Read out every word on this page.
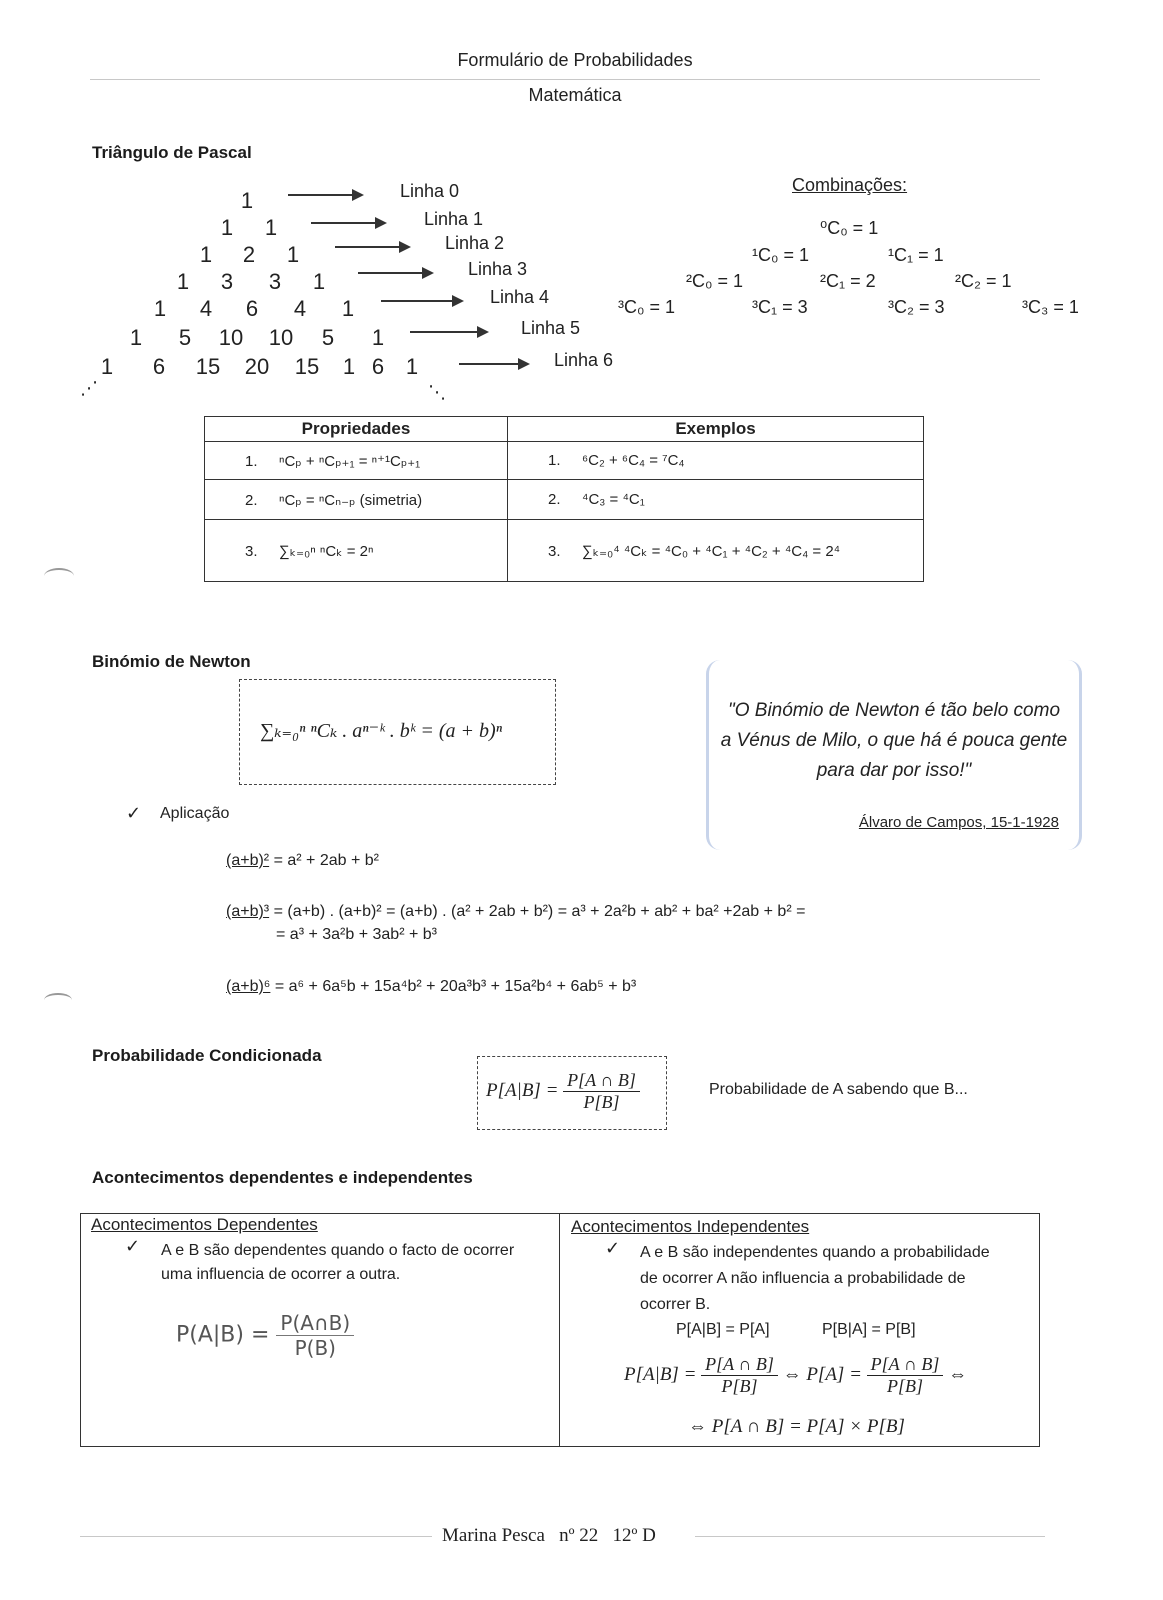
Formulário de Probabilidades
Matemática
Triângulo de Pascal
1	Linha 0
1	1	Linha 1
1	2	1	Linha 2
1	3	3	1	Linha 3
1	4	6	4	1	Linha 4
1	5	10	10	5	1	Linha 5
1	6	15	20	15	1 6 1	Linha 6
⋰	⋱
Combinações:
⁰C₀ = 1
¹C₀ = 1	¹C₁ = 1
²C₀ = 1	²C₁ = 2	²C₂ = 1
³C₀ = 1	³C₁ = 3	³C₂ = 3	³C₃ = 1
Propriedades	Exemplos
1. ⁿCₚ + ⁿCₚ₊₁ = ⁿ⁺¹Cₚ₊₁	1. ⁶C₂ + ⁶C₄ = ⁷C₄
2. ⁿCₚ = ⁿCₙ₋ₚ (simetria)	2. ⁴C₃ = ⁴C₁
3. ∑ₖ₌₀ⁿ ⁿCₖ = 2ⁿ	3. ∑ₖ₌₀⁴ ⁴Cₖ = ⁴C₀ + ⁴C₁ + ⁴C₂ + ⁴C₄ = 2⁴
Binómio de Newton
∑ₖ₌₀ⁿ ⁿCₖ . aⁿ⁻ᵏ . bᵏ = (a + b)ⁿ
"O Binómio de Newton é tão belo como
a Vénus de Milo, o que há é pouca gente
para dar por isso!"
Álvaro de Campos, 15-1-1928
✓ Aplicação
(a+b)² = a² + 2ab + b²
(a+b)³ = (a+b) . (a+b)² = (a+b) . (a² + 2ab + b²) = a³ + 2a²b + ab² + ba² +2ab + b² =
= a³ + 3a²b + 3ab² + b³
(a+b)⁶ = a⁶ + 6a⁵b + 15a⁴b² + 20a³b³ + 15a²b⁴ + 6ab⁵ + b³
Probabilidade Condicionada
$P[A|B] = \frac{P[A \cap B]}{P[B]}$	Probabilidade de A sabendo que B...
Acontecimentos dependentes e independentes
Acontecimentos Dependentes
✓ A e B são dependentes quando o facto de ocorrer
uma influencia de ocorrer a outra.
$P(A|B) = \frac{P(A\cap B)}{P(B)}$
Acontecimentos Independentes
✓ A e B são independentes quando a probabilidade
de ocorrer A não influencia a probabilidade de
ocorrer B.
P[A|B] = P[A]	P[B|A] = P[B]
$P[A|B] = \frac{P[A \cap B]}{P[B]}$ ⇔ $P[A] = \frac{P[A \cap B]}{P[B]}$ ⇔
⇔ P[A ∩ B] = P[A] × P[B]
Marina Pesca   nº 22   12º D
